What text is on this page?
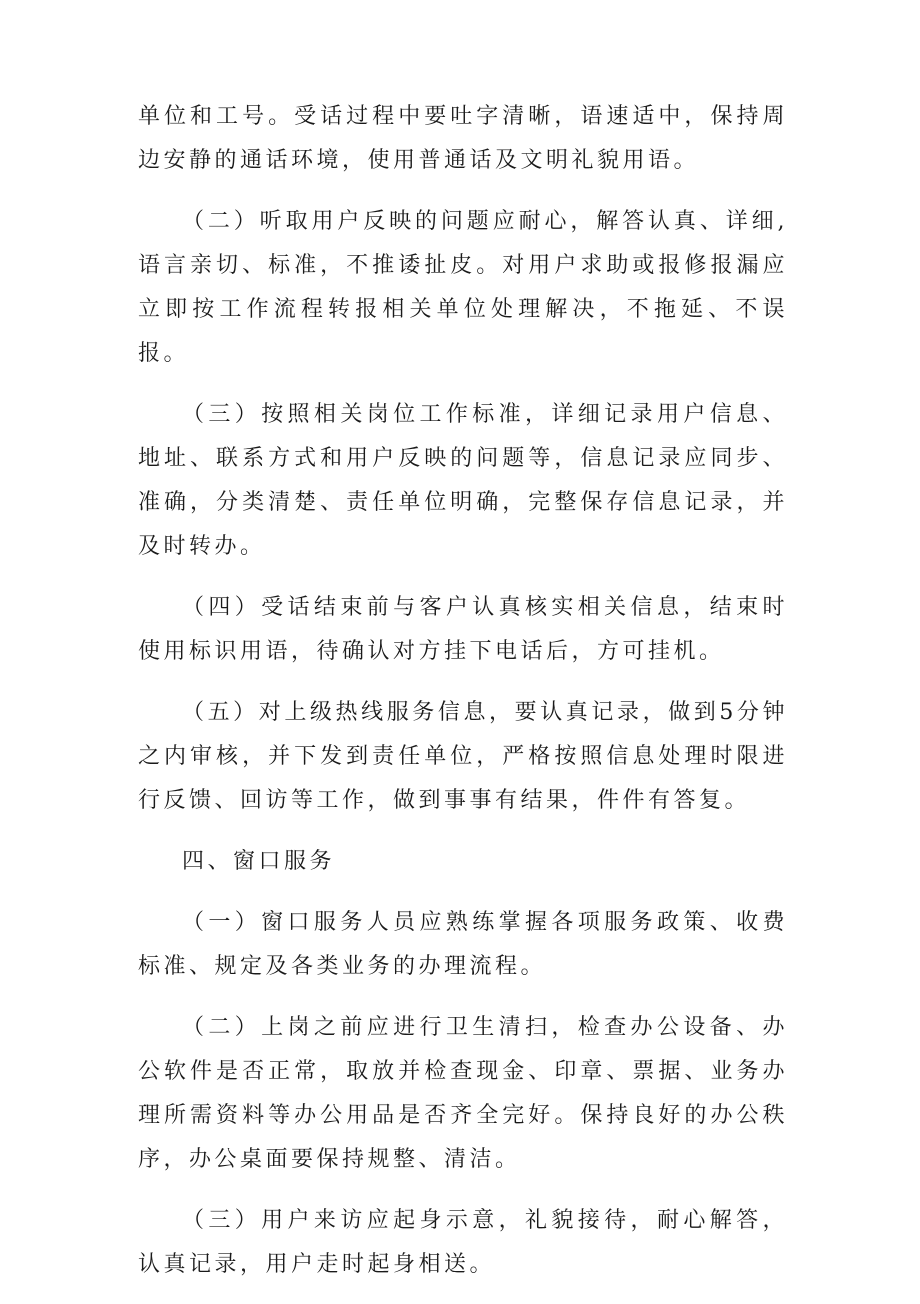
单位和工号。受话过程中要吐字清晰，语速适中，保持周边安静的通话环境，使用普通话及文明礼貌用语。

（二）听取用户反映的问题应耐心，解答认真、详细,语言亲切、标准，不推诿扯皮。对用户求助或报修报漏应立即按工作流程转报相关单位处理解决，不拖延、不误报。

（三）按照相关岗位工作标准，详细记录用户信息、地址、联系方式和用户反映的问题等，信息记录应同步、准确，分类清楚、责任单位明确，完整保存信息记录，并及时转办。

（四）受话结束前与客户认真核实相关信息，结束时使用标识用语，待确认对方挂下电话后，方可挂机。

（五）对上级热线服务信息，要认真记录，做到5分钟之内审核，并下发到责任单位，严格按照信息处理时限进行反馈、回访等工作，做到事事有结果，件件有答复。

四、窗口服务

（一）窗口服务人员应熟练掌握各项服务政策、收费标准、规定及各类业务的办理流程。

（二）上岗之前应进行卫生清扫，检查办公设备、办公软件是否正常，取放并检查现金、印章、票据、业务办理所需资料等办公用品是否齐全完好。保持良好的办公秩序，办公桌面要保持规整、清洁。

（三）用户来访应起身示意，礼貌接待，耐心解答，认真记录，用户走时起身相送。
